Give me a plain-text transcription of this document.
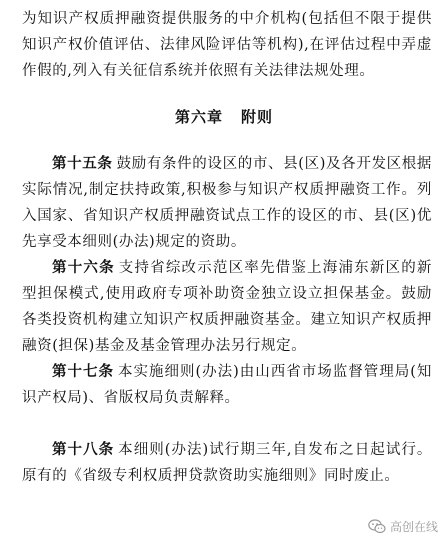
为知识产权质押融资提供服务的中介机构(包括但不限于提供知识产权价值评估、法律风险评估等机构),在评估过程中弄虚作假的,列入有关征信系统并依照有关法律法规处理。

第六章 附则

第十五条 鼓励有条件的设区的市、县(区)及各开发区根据实际情况,制定扶持政策,积极参与知识产权质押融资工作。列入国家、省知识产权质押融资试点工作的设区的市、县(区)优先享受本细则(办法)规定的资助。

第十六条 支持省综改示范区率先借鉴上海浦东新区的新型担保模式,使用政府专项补助资金独立设立担保基金。鼓励各类投资机构建立知识产权质押融资基金。建立知识产权质押融资(担保)基金及基金管理办法另行规定。

第十七条 本实施细则(办法)由山西省市场监督管理局(知识产权局)、省版权局负责解释。

第十八条 本细则(办法)试行期三年,自发布之日起试行。原有的《省级专利权质押贷款资助实施细则》同时废止。

高创在线
